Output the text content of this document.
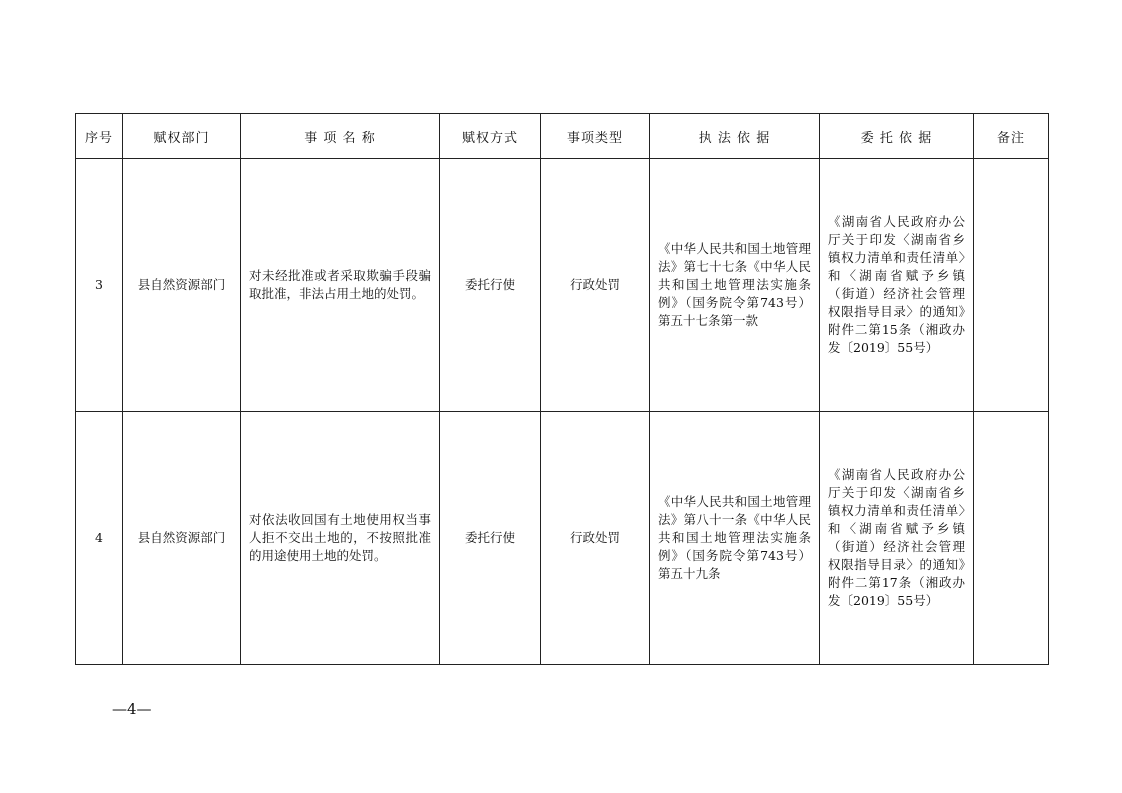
序号	赋权部门	事 项 名 称	赋权方式	事项类型	执 法 依 据	委 托 依 据	备注
3	县自然资源部门	对未经批准或者采取欺骗手段骗取批准，非法占用土地的处罚。	委托行使	行政处罚	《中华人民共和国土地管理法》第七十七条《中华人民共和国土地管理法实施条例》（国务院令第743号）第五十七条第一款	《湖南省人民政府办公厅关于印发〈湖南省乡镇权力清单和责任清单〉和〈湖南省赋予乡镇（街道）经济社会管理权限指导目录〉的通知》附件二第15条（湘政办发〔2019〕55号）	
4	县自然资源部门	对依法收回国有土地使用权当事人拒不交出土地的，不按照批准的用途使用土地的处罚。	委托行使	行政处罚	《中华人民共和国土地管理法》第八十一条《中华人民共和国土地管理法实施条例》（国务院令第743号）第五十九条	《湖南省人民政府办公厅关于印发〈湖南省乡镇权力清单和责任清单〉和〈湖南省赋予乡镇（街道）经济社会管理权限指导目录〉的通知》附件二第17条（湘政办发〔2019〕55号）	
—4—
